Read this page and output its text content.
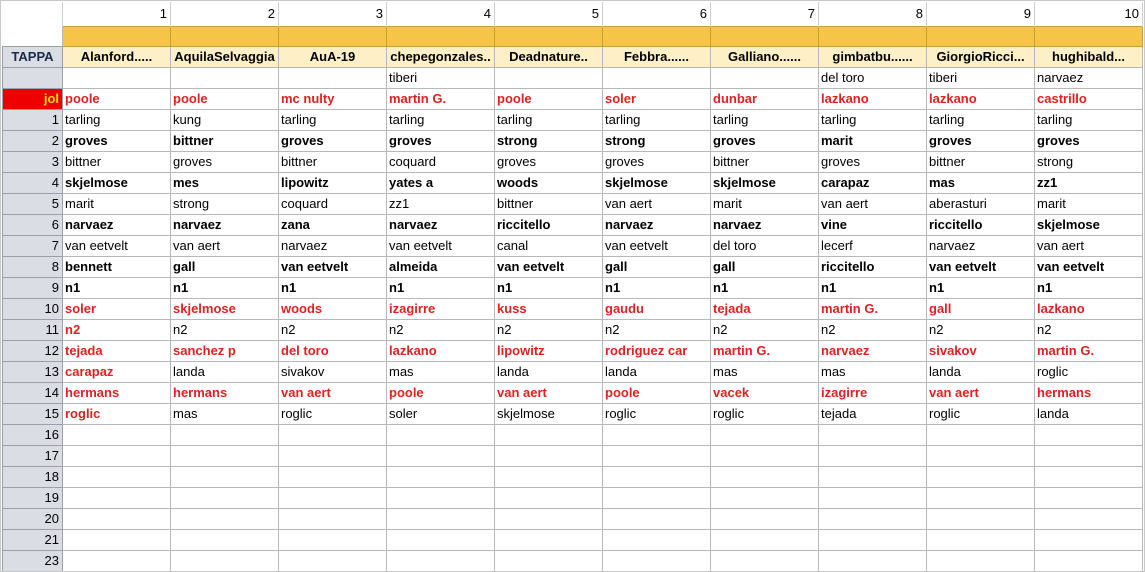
	1	2	3	4	5	6	7	8	9	10

TAPPA	Alanford.....	AquilaSelvaggia	AuA-19	chepegonzales..	Deadnature..	Febbra......	Galliano......	gimbatbu......	GiorgioRicci...	hughibald...
				tiberi				del toro	tiberi	narvaez
jol	poole	poole	mc nulty	martin G.	poole	soler	dunbar	lazkano	lazkano	castrillo
1	tarling	kung	tarling	tarling	tarling	tarling	tarling	tarling	tarling	tarling
2	groves	bittner	groves	groves	strong	strong	groves	marit	groves	groves
3	bittner	groves	bittner	coquard	groves	groves	bittner	groves	bittner	strong
4	skjelmose	mes	lipowitz	yates a	woods	skjelmose	skjelmose	carapaz	mas	zz1
5	marit	strong	coquard	zz1	bittner	van aert	marit	van aert	aberasturi	marit
6	narvaez	narvaez	zana	narvaez	riccitello	narvaez	narvaez	vine	riccitello	skjelmose
7	van eetvelt	van aert	narvaez	van eetvelt	canal	van eetvelt	del toro	lecerf	narvaez	van aert
8	bennett	gall	van eetvelt	almeida	van eetvelt	gall	gall	riccitello	van eetvelt	van eetvelt
9	n1	n1	n1	n1	n1	n1	n1	n1	n1	n1
10	soler	skjelmose	woods	izagirre	kuss	gaudu	tejada	martin G.	gall	lazkano
11	n2	n2	n2	n2	n2	n2	n2	n2	n2	n2
12	tejada	sanchez p	del toro	lazkano	lipowitz	rodriguez car	martin G.	narvaez	sivakov	martin G.
13	carapaz	landa	sivakov	mas	landa	landa	mas	mas	landa	roglic
14	hermans	hermans	van aert	poole	van aert	poole	vacek	izagirre	van aert	hermans
15	roglic	mas	roglic	soler	skjelmose	roglic	roglic	tejada	roglic	landa
16										
17										
18										
19										
20										
21										
23										
